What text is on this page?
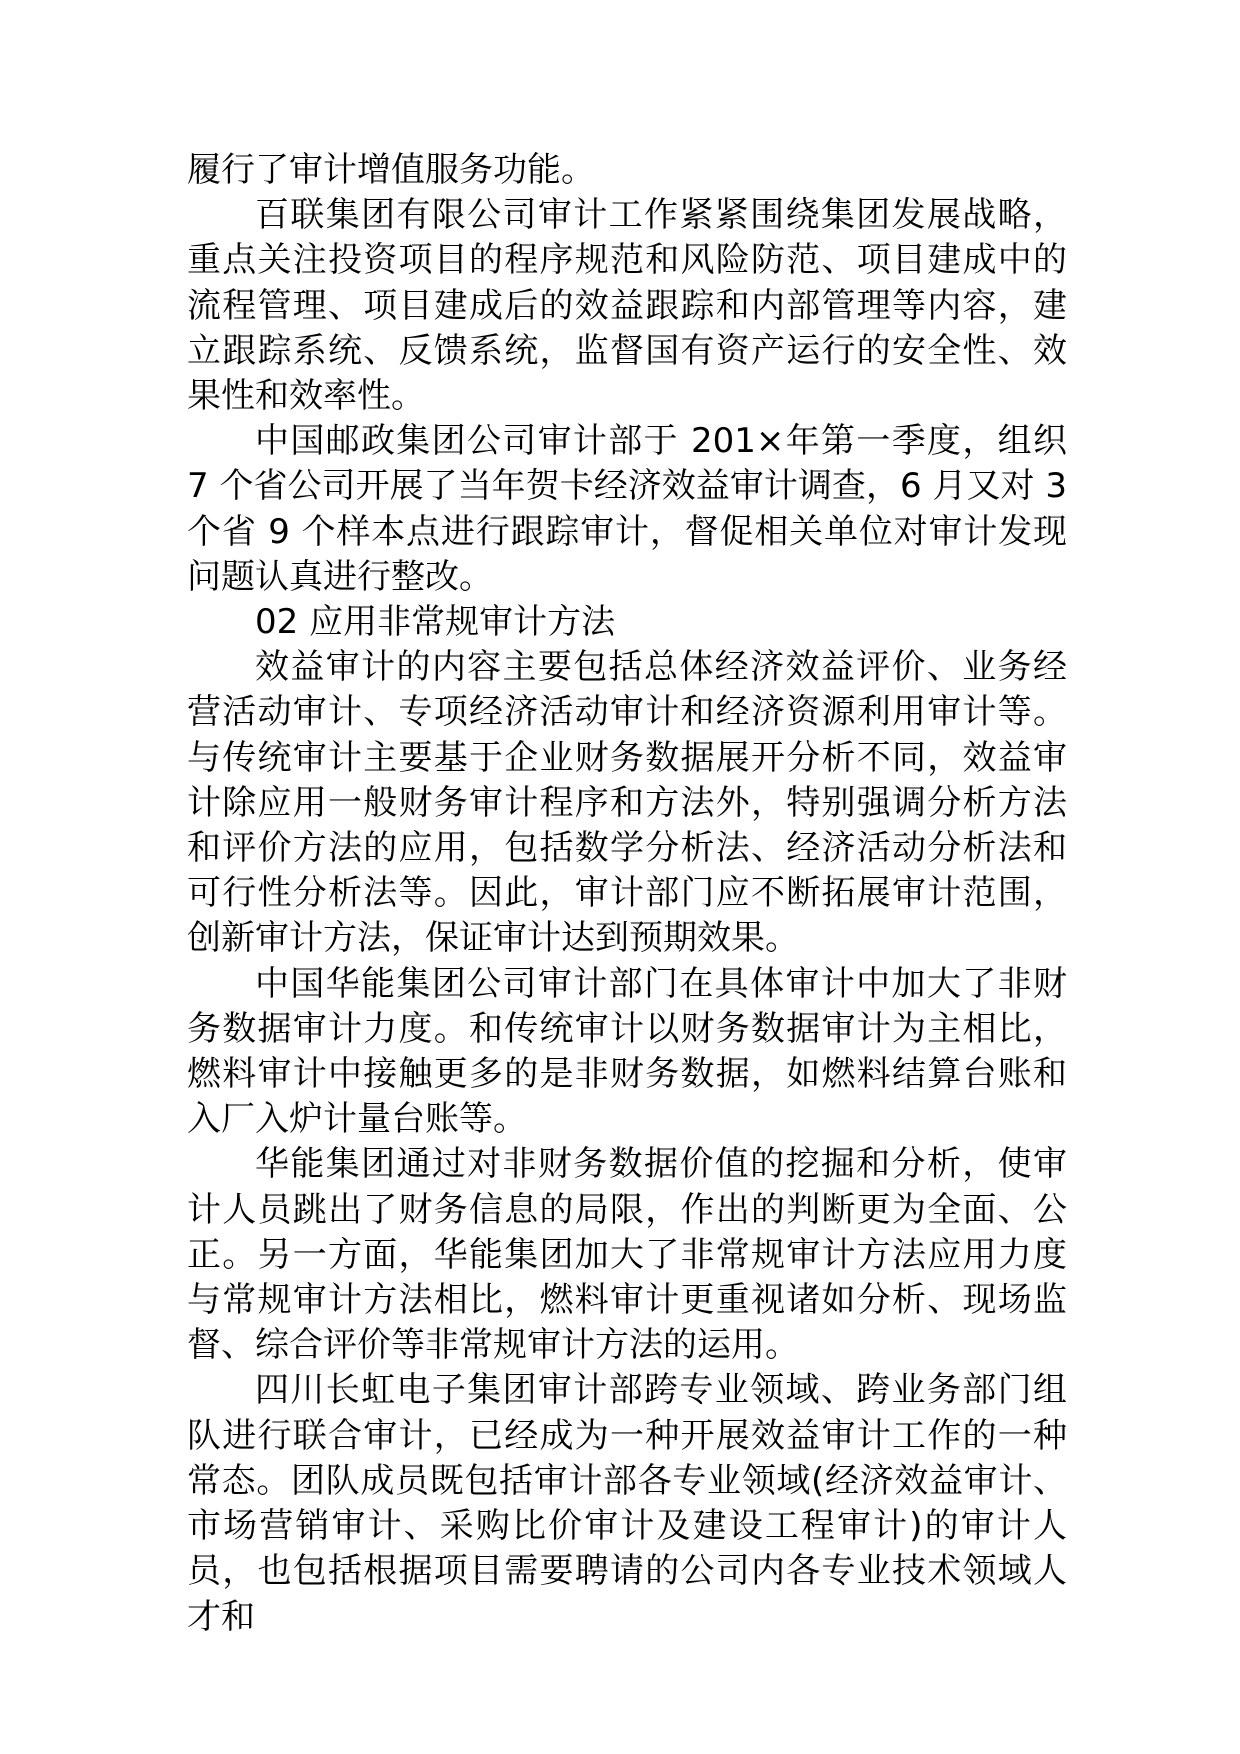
履行了审计增值服务功能。

百联集团有限公司审计工作紧紧围绕集团发展战略，重点关注投资项目的程序规范和风险防范、项目建成中的流程管理、项目建成后的效益跟踪和内部管理等内容，建立跟踪系统、反馈系统，监督国有资产运行的安全性、效果性和效率性。

中国邮政集团公司审计部于 201×年第一季度，组织 7 个省公司开展了当年贺卡经济效益审计调查，6 月又对 3 个省 9 个样本点进行跟踪审计，督促相关单位对审计发现问题认真进行整改。

02 应用非常规审计方法

效益审计的内容主要包括总体经济效益评价、业务经营活动审计、专项经济活动审计和经济资源利用审计等。与传统审计主要基于企业财务数据展开分析不同，效益审计除应用一般财务审计程序和方法外，特别强调分析方法和评价方法的应用，包括数学分析法、经济活动分析法和可行性分析法等。因此，审计部门应不断拓展审计范围，创新审计方法，保证审计达到预期效果。

中国华能集团公司审计部门在具体审计中加大了非财务数据审计力度。和传统审计以财务数据审计为主相比，燃料审计中接触更多的是非财务数据，如燃料结算台账和入厂入炉计量台账等。

华能集团通过对非财务数据价值的挖掘和分析，使审计人员跳出了财务信息的局限，作出的判断更为全面、公正。另一方面，华能集团加大了非常规审计方法应用力度与常规审计方法相比，燃料审计更重视诸如分析、现场监督、综合评价等非常规审计方法的运用。

四川长虹电子集团审计部跨专业领域、跨业务部门组队进行联合审计，已经成为一种开展效益审计工作的一种常态。团队成员既包括审计部各专业领域(经济效益审计、市场营销审计、采购比价审计及建设工程审计)的审计人员，也包括根据项目需要聘请的公司内各专业技术领域人才和
